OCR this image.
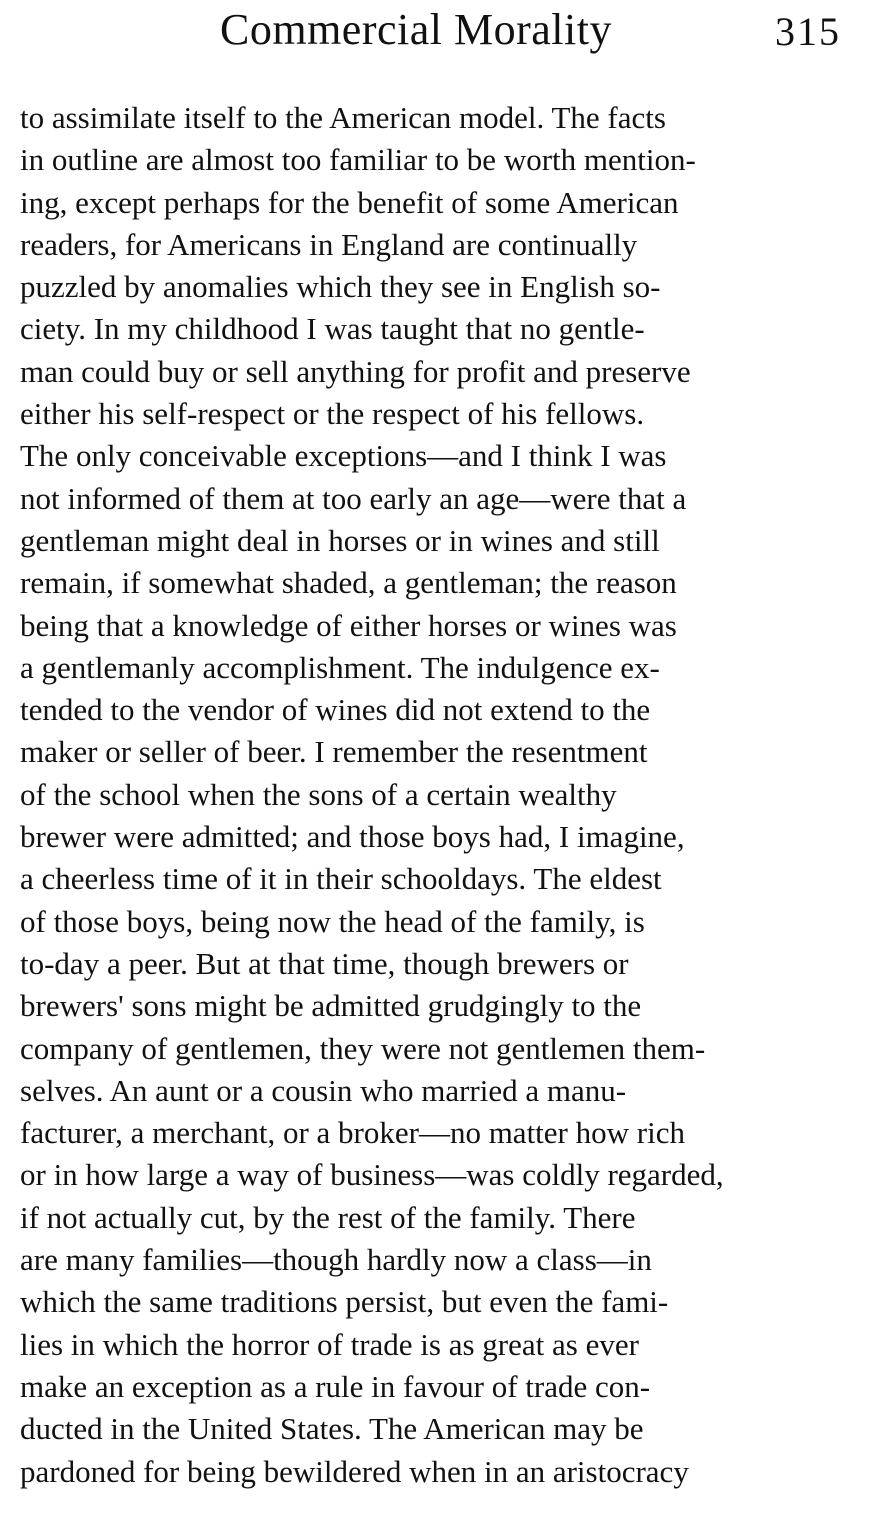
Commercial Morality	315
to assimilate itself to the American model. The facts
in outline are almost too familiar to be worth mention-
ing, except perhaps for the benefit of some American
readers, for Americans in England are continually
puzzled by anomalies which they see in English so-
ciety. In my childhood I was taught that no gentle-
man could buy or sell anything for profit and preserve
either his self-respect or the respect of his fellows.
The only conceivable exceptions—and I think I was
not informed of them at too early an age—were that a
gentleman might deal in horses or in wines and still
remain, if somewhat shaded, a gentleman; the reason
being that a knowledge of either horses or wines was
a gentlemanly accomplishment. The indulgence ex-
tended to the vendor of wines did not extend to the
maker or seller of beer. I remember the resentment
of the school when the sons of a certain wealthy
brewer were admitted; and those boys had, I imagine,
a cheerless time of it in their schooldays. The eldest
of those boys, being now the head of the family, is
to-day a peer. But at that time, though brewers or
brewers' sons might be admitted grudgingly to the
company of gentlemen, they were not gentlemen them-
selves. An aunt or a cousin who married a manu-
facturer, a merchant, or a broker—no matter how rich
or in how large a way of business—was coldly regarded,
if not actually cut, by the rest of the family. There
are many families—though hardly now a class—in
which the same traditions persist, but even the fami-
lies in which the horror of trade is as great as ever
make an exception as a rule in favour of trade con-
ducted in the United States. The American may be
pardoned for being bewildered when in an aristocracy
